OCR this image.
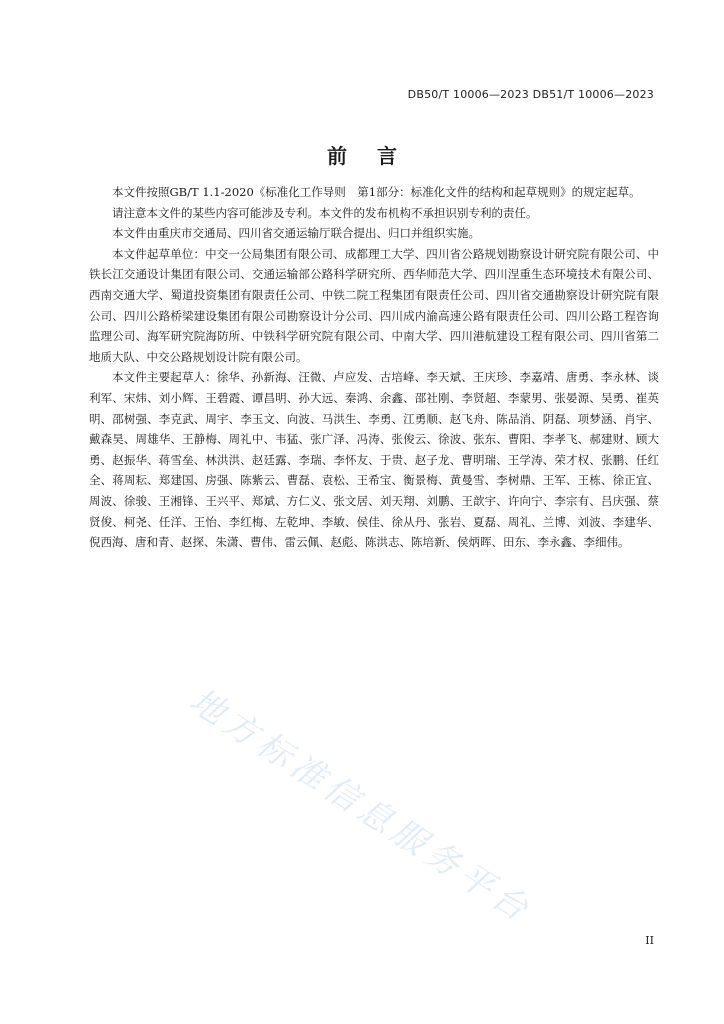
DB50/T 10006—2023 DB51/T 10006—2023
前言

本文件按照GB/T 1.1-2020《标准化工作导则　第1部分：标准化文件的结构和起草规则》的规定起草。

请注意本文件的某些内容可能涉及专利。本文件的发布机构不承担识别专利的责任。

本文件由重庆市交通局、四川省交通运输厅联合提出、归口并组织实施。

本文件起草单位：中交一公局集团有限公司、成都理工大学、四川省公路规划勘察设计研究院有限公司、中铁长江交通设计集团有限公司、交通运输部公路科学研究所、西华师范大学、四川涅重生态环境技术有限公司、西南交通大学、蜀道投资集团有限责任公司、中铁二院工程集团有限责任公司、四川省交通勘察设计研究院有限公司、四川公路桥梁建设集团有限公司勘察设计分公司、四川成内渝高速公路有限责任公司、四川公路工程咨询监理公司、海军研究院海防所、中铁科学研究院有限公司、中南大学、四川港航建设工程有限公司、四川省第二地质大队、中交公路规划设计院有限公司。

本文件主要起草人：徐华、孙新海、汪微、卢应发、古培峰、李天斌、王庆珍、李嘉靖、唐勇、李永林、谈利军、宋炜、刘小辉、王碧霞、谭昌明、孙大远、秦鸿、余鑫、邵社刚、李贤超、李蒙男、张晏源、吴勇、崔英明、邵树强、李克武、周宇、李玉文、向波、马洪生、李勇、江勇顺、赵飞舟、陈品消、阴磊、项梦涵、肖宇、戴森昊、周雄华、王静梅、周礼中、韦猛、张广泽、冯涛、张俊云、徐波、张东、曹阳、李孝飞、郝建财、顾大勇、赵振华、蒋雪垒、林洪洪、赵廷露、李瑞、李怀友、于贵、赵子龙、曹明瑞、王学涛、荣才权、张鹏、任红全、蒋周耘、郑建国、房强、陈紫云、曹磊、袁松、王希宝、衡景梅、黄曼雪、李树鼎、王军、王栋、徐正宜、周波、徐骏、王湘锋、王兴平、郑斌、方仁义、张文居、刘天翔、刘鹏、王歆宇、许向宁、李宗有、吕庆强、蔡贤俊、柯尧、任洋、王怡、李红梅、左乾坤、李敏、侯佳、徐从丹、张岩、夏磊、周礼、兰博、刘波、李建华、倪西海、唐和青、赵探、朱潇、曹伟、雷云佩、赵彪、陈洪志、陈培新、侯炳晖、田东、李永鑫、李细伟。

地方标准信息服务平台
II
